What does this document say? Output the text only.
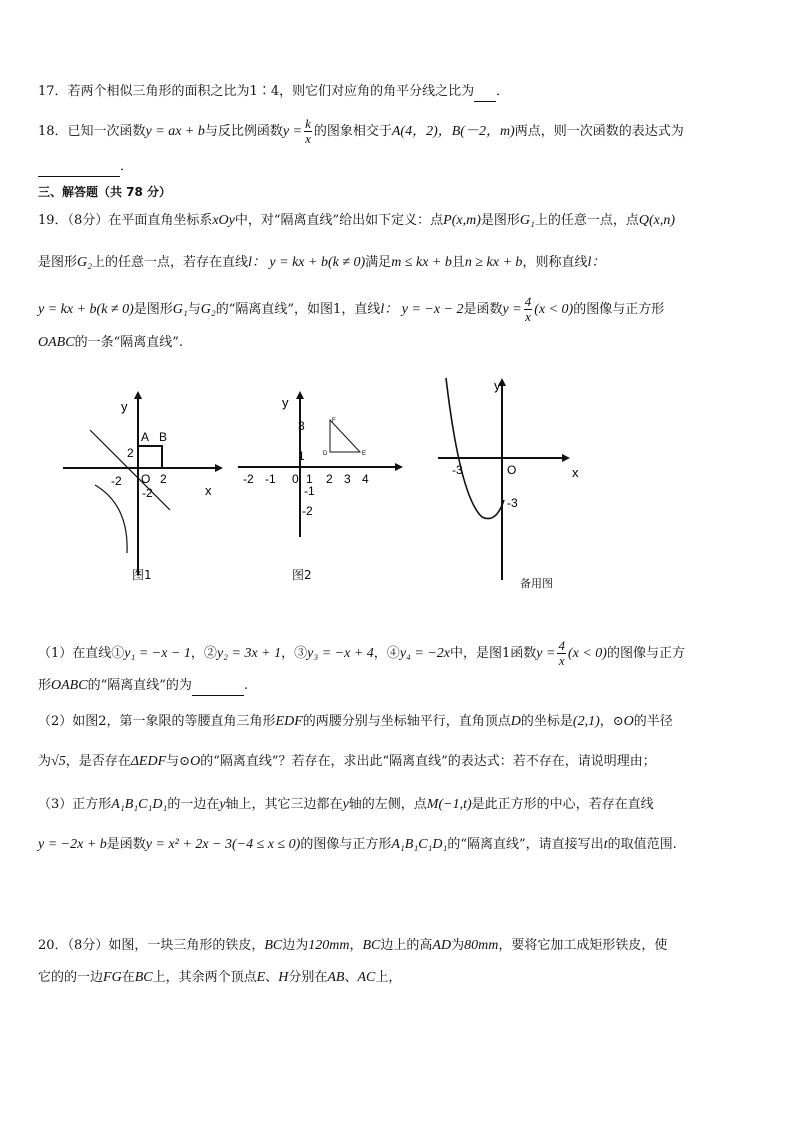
17．若两个相似三角形的面积之比为1∶4，则它们对应角的角平分线之比为 ．
18．已知一次函数y = ax + b与反比例函数$y = \frac{k}{x}$ 的图象相交于A(4，2)，B(－2，m)两点，则一次函数的表达式为
．
三、解答题（共 78 分）
19．（8分）在平面直角坐标系xOy中，对“隔离直线”给出如下定义：点P(x,m)是图形G₁上的任意一点，点Q(x,n)
是图形G₂上的任意一点，若存在直线l： y = kx + b(k ≠ 0)满足m ≤ kx + b且n ≥ kx + b，则称直线l：
y = kx + b(k ≠ 0)是图形G₁与G₂的“隔离直线”，如图1，直线l： y = −x − 2是函数$y = \frac{4}{x} (x < 0)$的图像与正方形
OABC的一条“隔离直线”.
y
x
A B
2
2
-2 O
-2
图1
y
-2 -1 0 1 2 3 4
3
1
-1
-2
F
D	E
图2
y
x
-3	O
-3
备用图
（1）在直线①y₁ = −x − 1，②y₂ = 3x + 1，③y₃ = −x + 4，④y₄ = −2x中，是图1函数$y = \frac{4}{x} (x < 0)$的图像与正方
形OABC的“隔离直线”的为	.
（2）如图2，第一象限的等腰直角三角形EDF的两腰分别与坐标轴平行，直角顶点D的坐标是(2,1)，⊙O的半径
为√5，是否存在ΔEDF与⊙O的“隔离直线”？若存在，求出此“隔离直线”的表达式：若不存在，请说明理由；
（3）正方形A₁B₁C₁D₁的一边在y轴上，其它三边都在y轴的左侧，点M(−1,t)是此正方形的中心，若存在直线
y = −2x + b是函数y = x² + 2x − 3(−4 ≤ x ≤ 0)的图像与正方形A₁B₁C₁D₁的“隔离直线”，请直接写出t的取值范围.
20．（8分）如图，一块三角形的铁皮，BC边为120mm，BC边上的高AD为80mm，要将它加工成矩形铁皮，使
它的的一边FG在BC上，其余两个顶点E、H分别在AB、AC上，
